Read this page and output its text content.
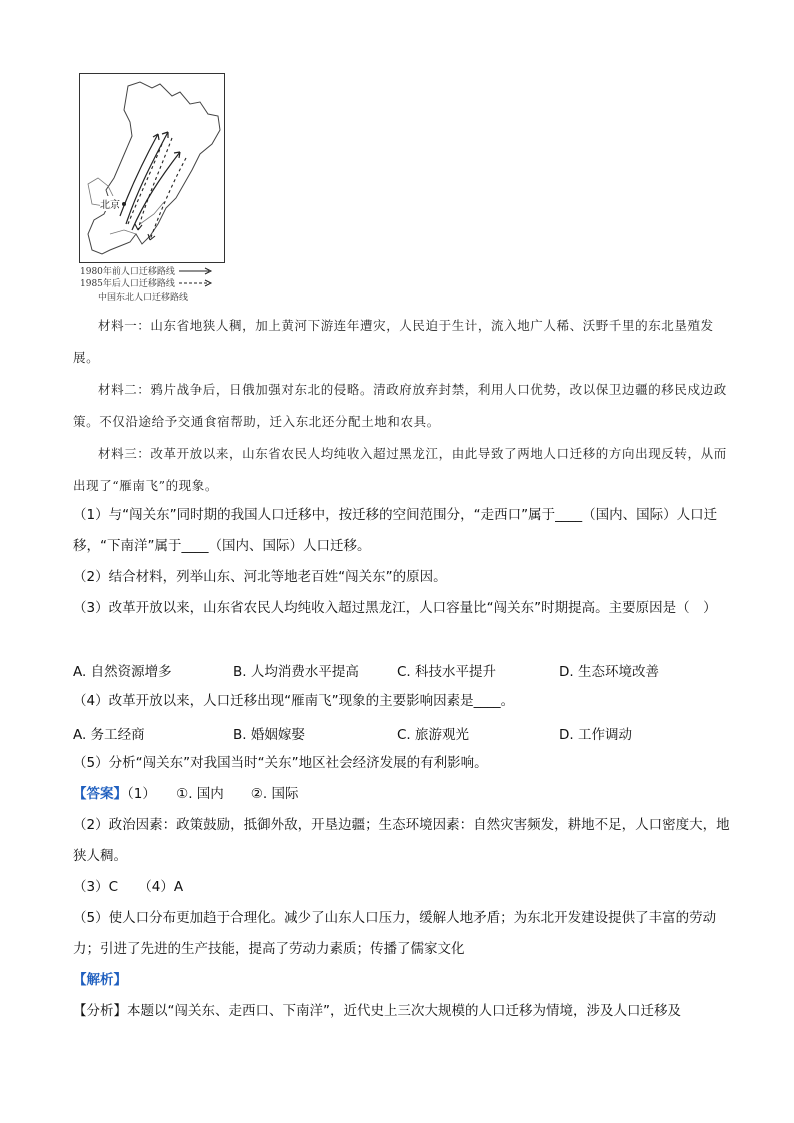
北京
1980年前人口迁移路线
1985年后人口迁移路线
中国东北人口迁移路线
材料一：山东省地狭人稠，加上黄河下游连年遭灾，人民迫于生计，流入地广人稀、沃野千里的东北垦殖发展。
材料二：鸦片战争后，日俄加强对东北的侵略。清政府放弃封禁，利用人口优势，改以保卫边疆的移民戍边政策。不仅沿途给予交通食宿帮助，迁入东北还分配土地和农具。
材料三：改革开放以来，山东省农民人均纯收入超过黑龙江，由此导致了两地人口迁移的方向出现反转，从而出现了“雁南飞”的现象。
（1）与“闯关东”同时期的我国人口迁移中，按迁移的空间范围分，“走西口”属于____（国内、国际）人口迁移，“下南洋”属于____（国内、国际）人口迁移。
（2）结合材料，列举山东、河北等地老百姓“闯关东”的原因。
（3）改革开放以来，山东省农民人均纯收入超过黑龙江，人口容量比“闯关东”时期提高。主要原因是（　）
A. 自然资源增多	B. 人均消费水平提高	C. 科技水平提升	D. 生态环境改善
（4）改革开放以来，人口迁移出现“雁南飞”现象的主要影响因素是____。
A. 务工经商	B. 婚姻嫁娶	C. 旅游观光	D. 工作调动
（5）分析“闯关东”对我国当时“关东”地区社会经济发展的有利影响。
【答案】（1）　　①. 国内　　②. 国际
（2）政治因素：政策鼓励，抵御外敌，开垦边疆；生态环境因素：自然灾害频发，耕地不足，人口密度大，地狭人稠。
（3）C　　（4）A
（5）使人口分布更加趋于合理化。减少了山东人口压力，缓解人地矛盾；为东北开发建设提供了丰富的劳动力；引进了先进的生产技能，提高了劳动力素质；传播了儒家文化
【解析】
【分析】本题以“闯关东、走西口、下南洋”，近代史上三次大规模的人口迁移为情境，涉及人口迁移及
